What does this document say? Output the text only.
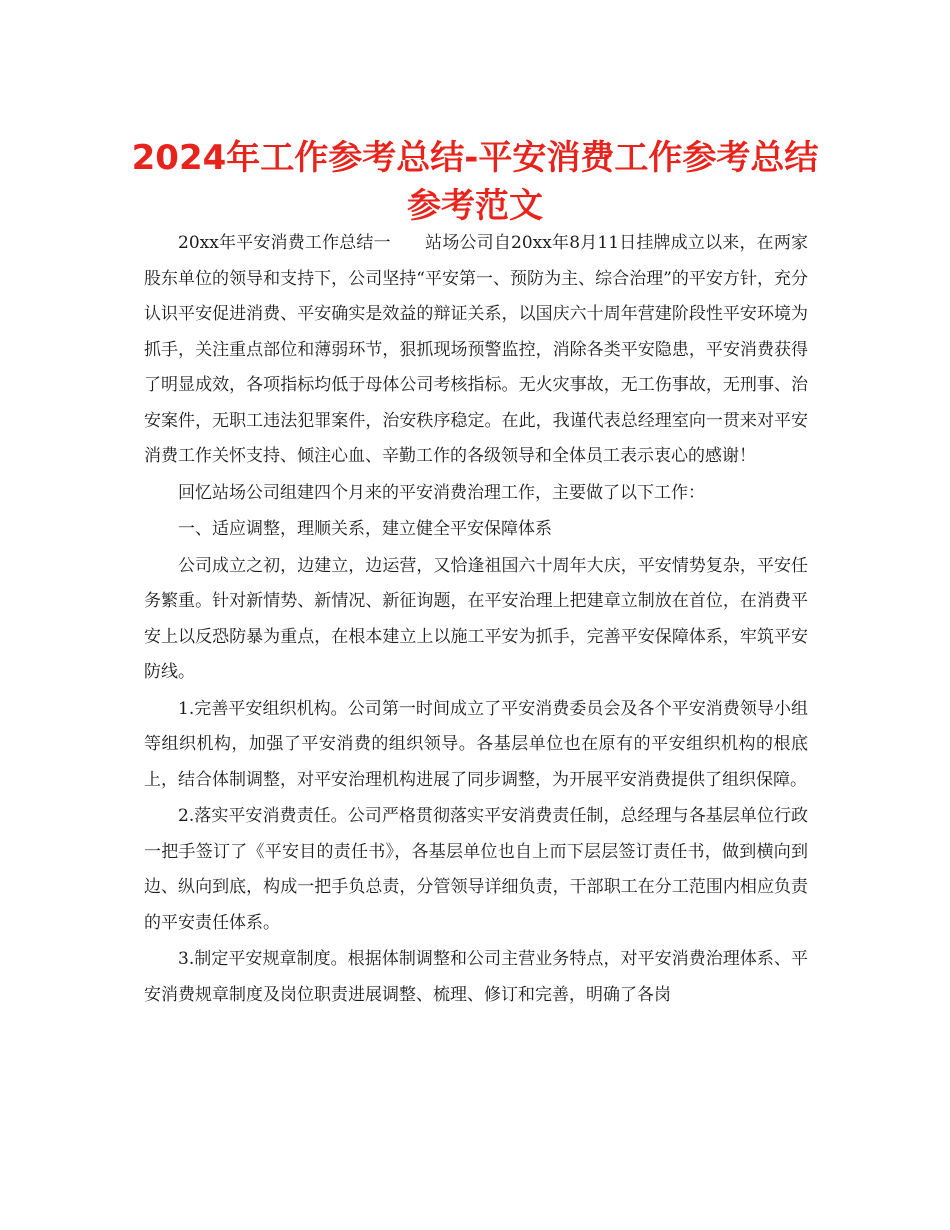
2024年工作参考总结-平安消费工作参考总结参考范文

20xx年平安消费工作总结一　　站场公司自20xx年8月11日挂牌成立以来，在两家股东单位的领导和支持下，公司坚持“平安第一、预防为主、综合治理”的平安方针，充分认识平安促进消费、平安确实是效益的辩证关系，以国庆六十周年营建阶段性平安环境为抓手，关注重点部位和薄弱环节，狠抓现场预警监控，消除各类平安隐患，平安消费获得了明显成效，各项指标均低于母体公司考核指标。无火灾事故，无工伤事故，无刑事、治安案件，无职工违法犯罪案件，治安秩序稳定。在此，我谨代表总经理室向一贯来对平安消费工作关怀支持、倾注心血、辛勤工作的各级领导和全体员工表示衷心的感谢！

回忆站场公司组建四个月来的平安消费治理工作，主要做了以下工作：

一、适应调整，理顺关系，建立健全平安保障体系

公司成立之初，边建立，边运营，又恰逢祖国六十周年大庆，平安情势复杂，平安任务繁重。针对新情势、新情况、新征询题，在平安治理上把建章立制放在首位，在消费平安上以反恐防暴为重点，在根本建立上以施工平安为抓手，完善平安保障体系，牢筑平安防线。

1.完善平安组织机构。公司第一时间成立了平安消费委员会及各个平安消费领导小组等组织机构，加强了平安消费的组织领导。各基层单位也在原有的平安组织机构的根底上，结合体制调整，对平安治理机构进展了同步调整，为开展平安消费提供了组织保障。

2.落实平安消费责任。公司严格贯彻落实平安消费责任制，总经理与各基层单位行政一把手签订了《平安目的责任书》，各基层单位也自上而下层层签订责任书，做到横向到边、纵向到底，构成一把手负总责，分管领导详细负责，干部职工在分工范围内相应负责的平安责任体系。

3.制定平安规章制度。根据体制调整和公司主营业务特点，对平安消费治理体系、平安消费规章制度及岗位职责进展调整、梳理、修订和完善，明确了各岗
